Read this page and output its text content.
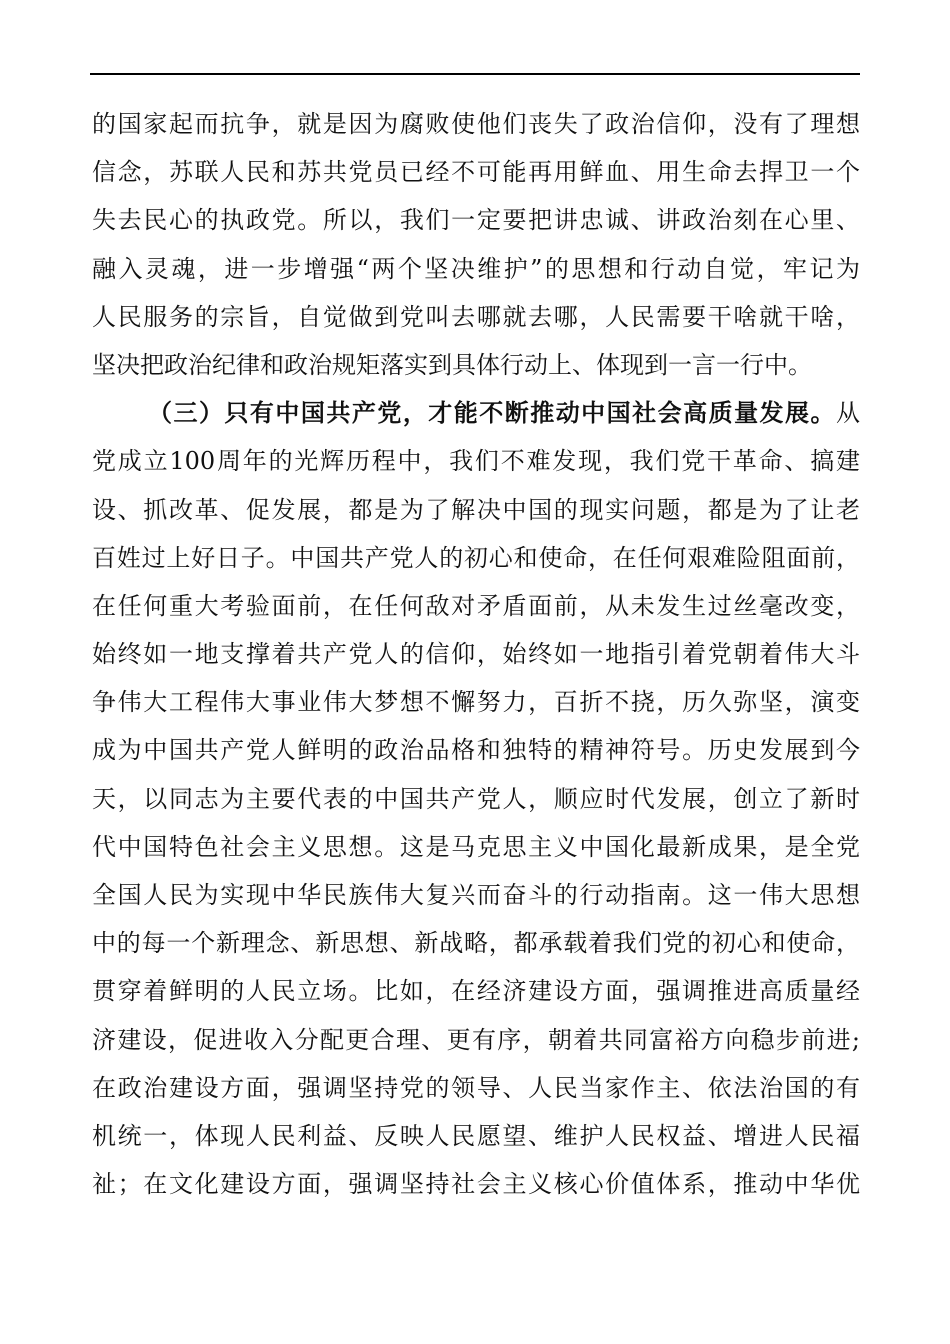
的国家起而抗争，就是因为腐败使他们丧失了政治信仰，没有了理想
信念，苏联人民和苏共党员已经不可能再用鲜血、用生命去捍卫一个
失去民心的执政党。所以，我们一定要把讲忠诚、讲政治刻在心里、
融入灵魂，进一步增强“两个坚决维护”的思想和行动自觉，牢记为
人民服务的宗旨，自觉做到党叫去哪就去哪，人民需要干啥就干啥，
坚决把政治纪律和政治规矩落实到具体行动上、体现到一言一行中。
（三）只有中国共产党，才能不断推动中国社会高质量发展。从
党成立100周年的光辉历程中，我们不难发现，我们党干革命、搞建
设、抓改革、促发展，都是为了解决中国的现实问题，都是为了让老
百姓过上好日子。中国共产党人的初心和使命，在任何艰难险阻面前，
在任何重大考验面前，在任何敌对矛盾面前，从未发生过丝毫改变，
始终如一地支撑着共产党人的信仰，始终如一地指引着党朝着伟大斗
争伟大工程伟大事业伟大梦想不懈努力，百折不挠，历久弥坚，演变
成为中国共产党人鲜明的政治品格和独特的精神符号。历史发展到今
天，以同志为主要代表的中国共产党人，顺应时代发展，创立了新时
代中国特色社会主义思想。这是马克思主义中国化最新成果，是全党
全国人民为实现中华民族伟大复兴而奋斗的行动指南。这一伟大思想
中的每一个新理念、新思想、新战略，都承载着我们党的初心和使命，
贯穿着鲜明的人民立场。比如，在经济建设方面，强调推进高质量经
济建设，促进收入分配更合理、更有序，朝着共同富裕方向稳步前进;
在政治建设方面，强调坚持党的领导、人民当家作主、依法治国的有
机统一，体现人民利益、反映人民愿望、维护人民权益、增进人民福
祉；在文化建设方面，强调坚持社会主义核心价值体系，推动中华优
